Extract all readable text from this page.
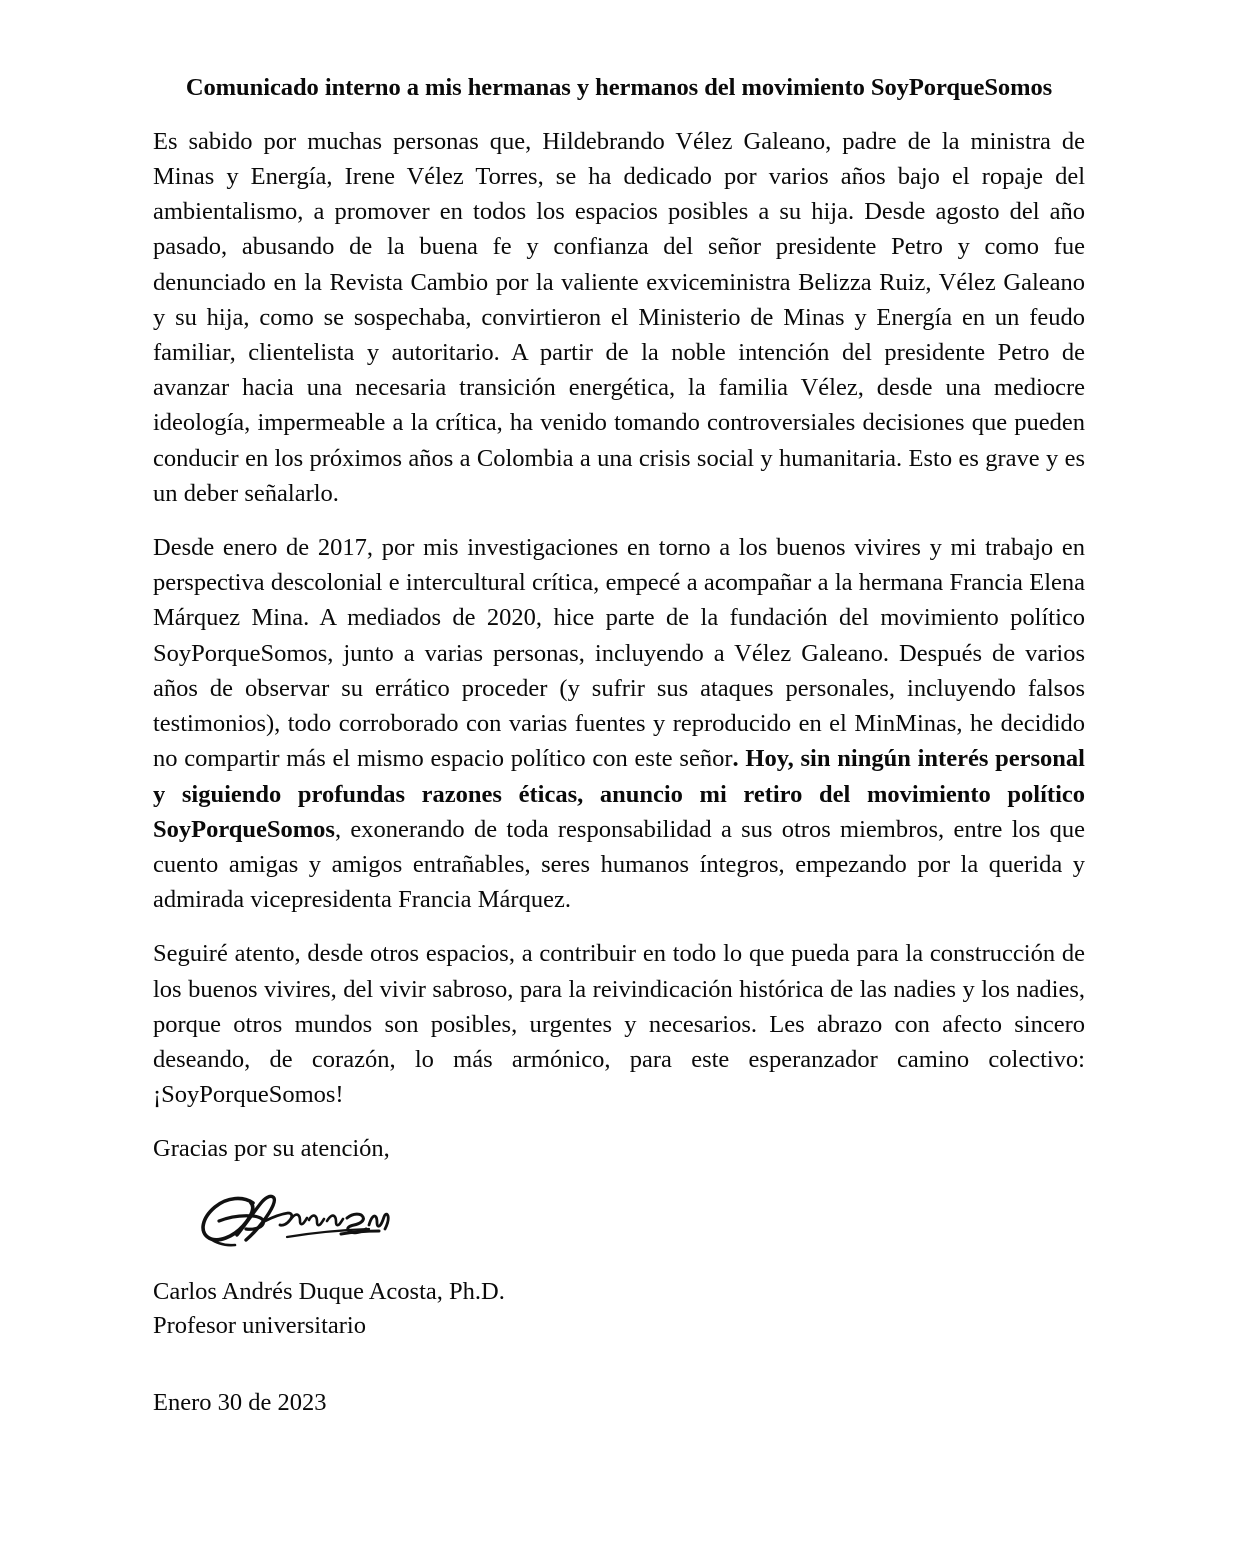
Comunicado interno a mis hermanas y hermanos del movimiento SoyPorqueSomos

Es sabido por muchas personas que, Hildebrando Vélez Galeano, padre de la ministra de Minas y Energía, Irene Vélez Torres, se ha dedicado por varios años bajo el ropaje del ambientalismo, a promover en todos los espacios posibles a su hija. Desde agosto del año pasado, abusando de la buena fe y confianza del señor presidente Petro y como fue denunciado en la Revista Cambio por la valiente exviceministra Belizza Ruiz, Vélez Galeano y su hija, como se sospechaba, convirtieron el Ministerio de Minas y Energía en un feudo familiar, clientelista y autoritario. A partir de la noble intención del presidente Petro de avanzar hacia una necesaria transición energética, la familia Vélez, desde una mediocre ideología, impermeable a la crítica, ha venido tomando controversiales decisiones que pueden conducir en los próximos años a Colombia a una crisis social y humanitaria. Esto es grave y es un deber señalarlo.

Desde enero de 2017, por mis investigaciones en torno a los buenos vivires y mi trabajo en perspectiva descolonial e intercultural crítica, empecé a acompañar a la hermana Francia Elena Márquez Mina. A mediados de 2020, hice parte de la fundación del movimiento político SoyPorqueSomos, junto a varias personas, incluyendo a Vélez Galeano. Después de varios años de observar su errático proceder (y sufrir sus ataques personales, incluyendo falsos testimonios), todo corroborado con varias fuentes y reproducido en el MinMinas, he decidido no compartir más el mismo espacio político con este señor. Hoy, sin ningún interés personal y siguiendo profundas razones éticas, anuncio mi retiro del movimiento político SoyPorqueSomos, exonerando de toda responsabilidad a sus otros miembros, entre los que cuento amigas y amigos entrañables, seres humanos íntegros, empezando por la querida y admirada vicepresidenta Francia Márquez.

Seguiré atento, desde otros espacios, a contribuir en todo lo que pueda para la construcción de los buenos vivires, del vivir sabroso, para la reivindicación histórica de las nadies y los nadies, porque otros mundos son posibles, urgentes y necesarios. Les abrazo con afecto sincero deseando, de corazón, lo más armónico, para este esperanzador camino colectivo: ¡SoyPorqueSomos!

Gracias por su atención,

Carlos Andrés Duque Acosta, Ph.D.
Profesor universitario

Enero 30 de 2023
